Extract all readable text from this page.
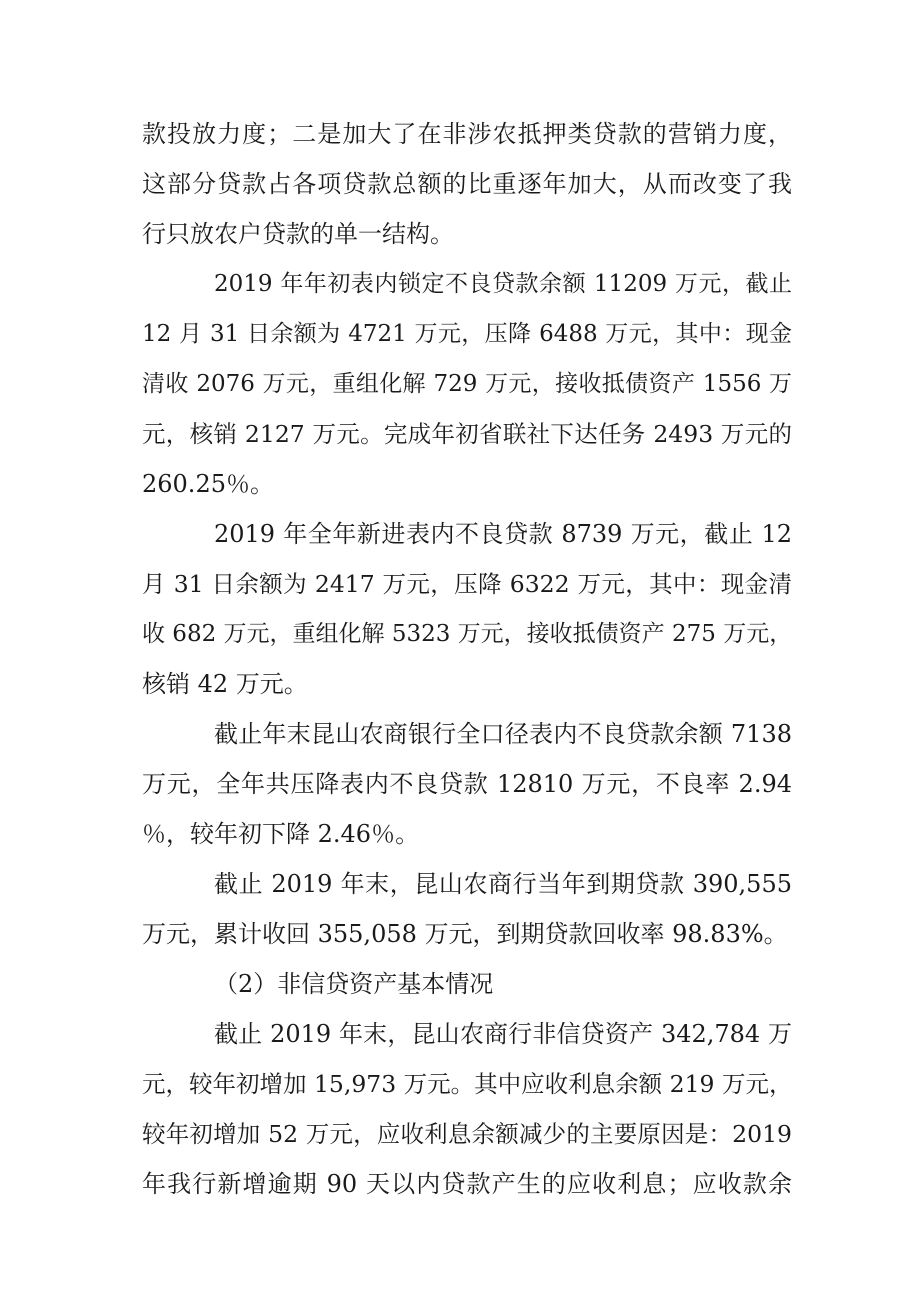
款投放力度；二是加大了在非涉农抵押类贷款的营销力度，
这部分贷款占各项贷款总额的比重逐年加大，从而改变了我
行只放农户贷款的单一结构。
2019 年年初表内锁定不良贷款余额 11209 万元，截止
12 月 31 日余额为 4721 万元，压降 6488 万元，其中：现金
清收 2076 万元，重组化解 729 万元，接收抵债资产 1556 万
元，核销 2127 万元。完成年初省联社下达任务 2493 万元的
260.25％。
2019 年全年新进表内不良贷款 8739 万元，截止 12
月 31 日余额为 2417 万元，压降 6322 万元，其中：现金清
收 682 万元，重组化解 5323 万元，接收抵债资产 275 万元，
核销 42 万元。
截止年末昆山农商银行全口径表内不良贷款余额 7138
万元，全年共压降表内不良贷款 12810 万元，不良率 2.94
％，较年初下降 2.46％。
截止 2019 年末，昆山农商行当年到期贷款 390,555
万元，累计收回 355,058 万元，到期贷款回收率 98.83%。
（2）非信贷资产基本情况
截止 2019 年末，昆山农商行非信贷资产 342,784 万
元，较年初增加 15,973 万元。其中应收利息余额 219 万元，
较年初增加 52 万元，应收利息余额减少的主要原因是：2019
年我行新增逾期 90 天以内贷款产生的应收利息；应收款余
